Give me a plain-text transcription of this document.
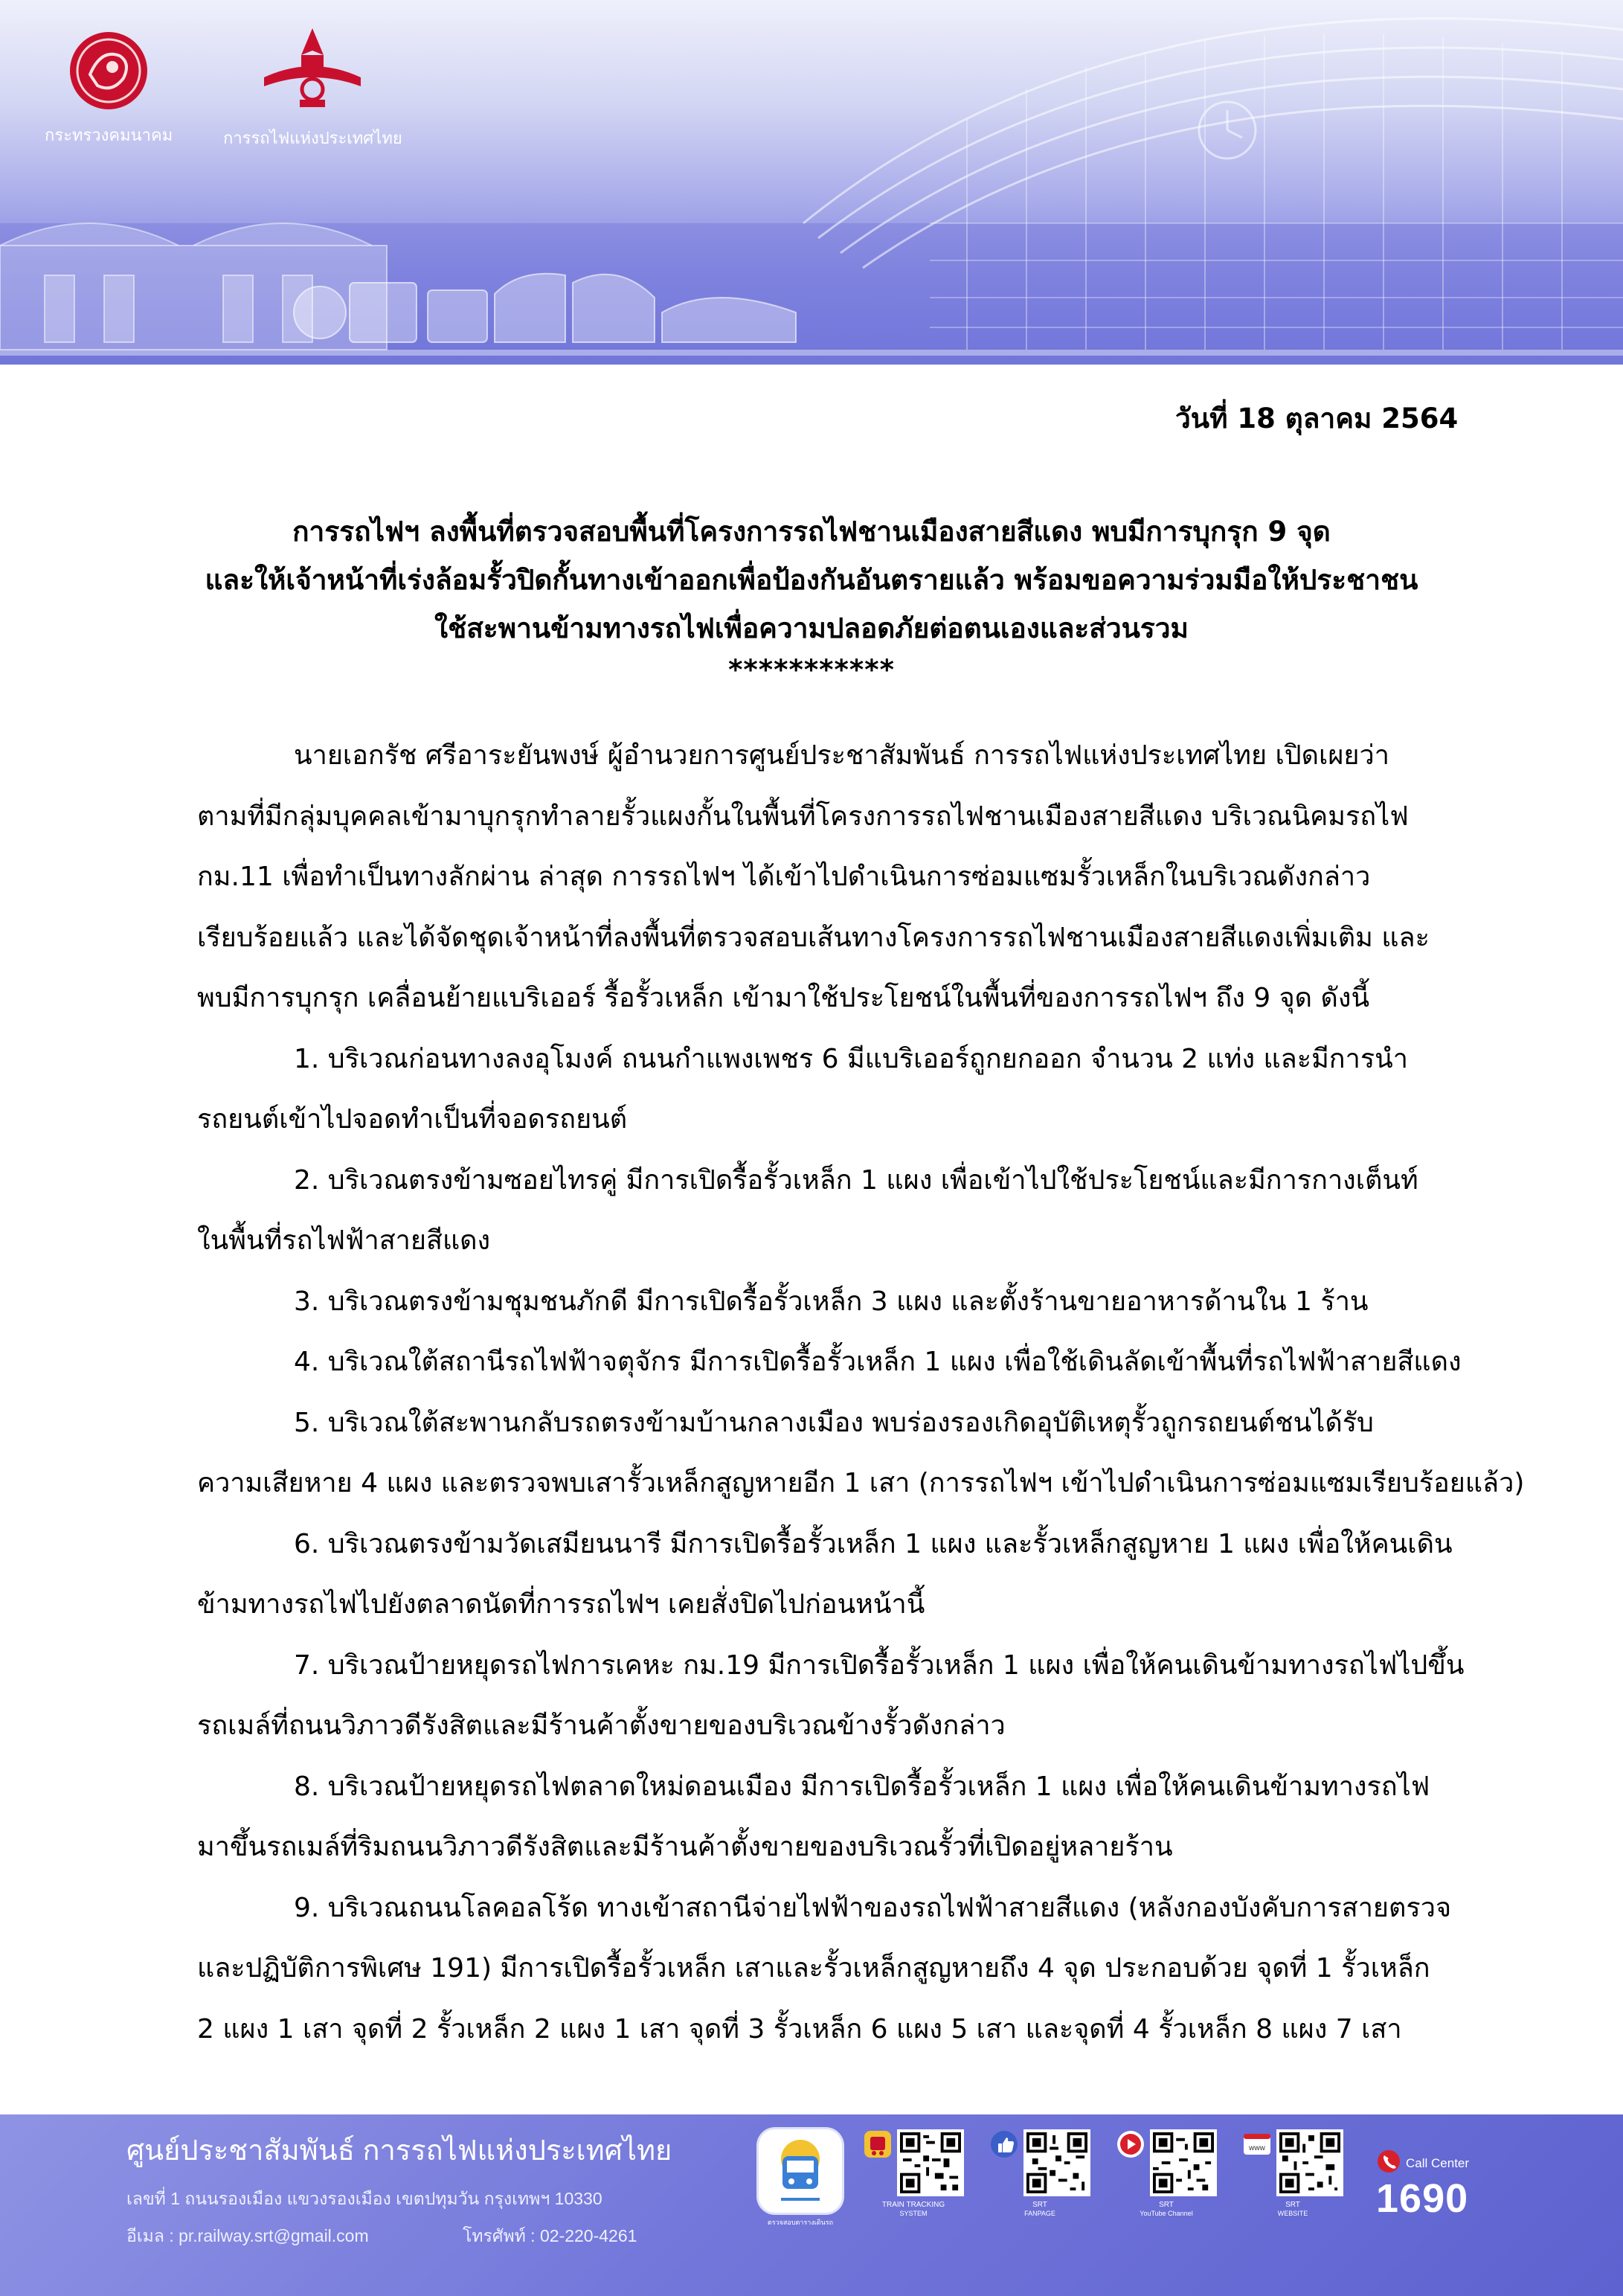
กระทรวงคมนาคม	การรถไฟแห่งประเทศไทย
วันที่ 18 ตุลาคม 2564
การรถไฟฯ ลงพื้นที่ตรวจสอบพื้นที่โครงการรถไฟชานเมืองสายสีแดง พบมีการบุกรุก 9 จุด
และให้เจ้าหน้าที่เร่งล้อมรั้วปิดกั้นทางเข้าออกเพื่อป้องกันอันตรายแล้ว พร้อมขอความร่วมมือให้ประชาชน
ใช้สะพานข้ามทางรถไฟเพื่อความปลอดภัยต่อตนเองและส่วนรวม
***********
นายเอกรัช ศรีอาระยันพงษ์ ผู้อำนวยการศูนย์ประชาสัมพันธ์ การรถไฟแห่งประเทศไทย เปิดเผยว่า
ตามที่มีกลุ่มบุคคลเข้ามาบุกรุกทำลายรั้วแผงกั้นในพื้นที่โครงการรถไฟชานเมืองสายสีแดง บริเวณนิคมรถไฟ
กม.11 เพื่อทำเป็นทางลักผ่าน ล่าสุด การรถไฟฯ ได้เข้าไปดำเนินการซ่อมแซมรั้วเหล็กในบริเวณดังกล่าว
เรียบร้อยแล้ว และได้จัดชุดเจ้าหน้าที่ลงพื้นที่ตรวจสอบเส้นทางโครงการรถไฟชานเมืองสายสีแดงเพิ่มเติม และ
พบมีการบุกรุก เคลื่อนย้ายแบริเออร์ รื้อรั้วเหล็ก เข้ามาใช้ประโยชน์ในพื้นที่ของการรถไฟฯ ถึง 9 จุด ดังนี้
1. บริเวณก่อนทางลงอุโมงค์ ถนนกำแพงเพชร 6 มีแบริเออร์ถูกยกออก จำนวน 2 แท่ง และมีการนำ
รถยนต์เข้าไปจอดทำเป็นที่จอดรถยนต์
2. บริเวณตรงข้ามซอยไทรคู่ มีการเปิดรื้อรั้วเหล็ก 1 แผง เพื่อเข้าไปใช้ประโยชน์และมีการกางเต็นท์
ในพื้นที่รถไฟฟ้าสายสีแดง
3. บริเวณตรงข้ามชุมชนภักดี มีการเปิดรื้อรั้วเหล็ก 3 แผง และตั้งร้านขายอาหารด้านใน 1 ร้าน
4. บริเวณใต้สถานีรถไฟฟ้าจตุจักร มีการเปิดรื้อรั้วเหล็ก 1 แผง เพื่อใช้เดินลัดเข้าพื้นที่รถไฟฟ้าสายสีแดง
5. บริเวณใต้สะพานกลับรถตรงข้ามบ้านกลางเมือง พบร่องรองเกิดอุบัติเหตุรั้วถูกรถยนต์ชนได้รับ
ความเสียหาย 4 แผง และตรวจพบเสารั้วเหล็กสูญหายอีก 1 เสา (การรถไฟฯ เข้าไปดำเนินการซ่อมแซมเรียบร้อยแล้ว)
6. บริเวณตรงข้ามวัดเสมียนนารี มีการเปิดรื้อรั้วเหล็ก 1 แผง และรั้วเหล็กสูญหาย 1 แผง เพื่อให้คนเดิน
ข้ามทางรถไฟไปยังตลาดนัดที่การรถไฟฯ เคยสั่งปิดไปก่อนหน้านี้
7. บริเวณป้ายหยุดรถไฟการเคหะ กม.19 มีการเปิดรื้อรั้วเหล็ก 1 แผง เพื่อให้คนเดินข้ามทางรถไฟไปขึ้น
รถเมล์ที่ถนนวิภาวดีรังสิตและมีร้านค้าตั้งขายของบริเวณข้างรั้วดังกล่าว
8. บริเวณป้ายหยุดรถไฟตลาดใหม่ดอนเมือง มีการเปิดรื้อรั้วเหล็ก 1 แผง เพื่อให้คนเดินข้ามทางรถไฟ
มาขึ้นรถเมล์ที่ริมถนนวิภาวดีรังสิตและมีร้านค้าตั้งขายของบริเวณรั้วที่เปิดอยู่หลายร้าน
9. บริเวณถนนโลคอลโร้ด ทางเข้าสถานีจ่ายไฟฟ้าของรถไฟฟ้าสายสีแดง (หลังกองบังคับการสายตรวจ
และปฏิบัติการพิเศษ 191) มีการเปิดรื้อรั้วเหล็ก เสาและรั้วเหล็กสูญหายถึง 4 จุด ประกอบด้วย จุดที่ 1 รั้วเหล็ก
2 แผง 1 เสา จุดที่ 2 รั้วเหล็ก 2 แผง 1 เสา จุดที่ 3 รั้วเหล็ก 6 แผง 5 เสา และจุดที่ 4 รั้วเหล็ก 8 แผง 7 เสา
ศูนย์ประชาสัมพันธ์ การรถไฟแห่งประเทศไทย
เลขที่ 1 ถนนรองเมือง แขวงรองเมือง เขตปทุมวัน กรุงเทพฯ 10330
อีเมล : pr.railway.srt@gmail.com	โทรศัพท์ : 02-220-4261
ตรวจสอบตารางเดินรถ
TRAIN TRACKING
SYSTEM
SRT
FANPAGE
SRT
YouTube Channel
www
SRT
WEBSITE
Call Center
1690
